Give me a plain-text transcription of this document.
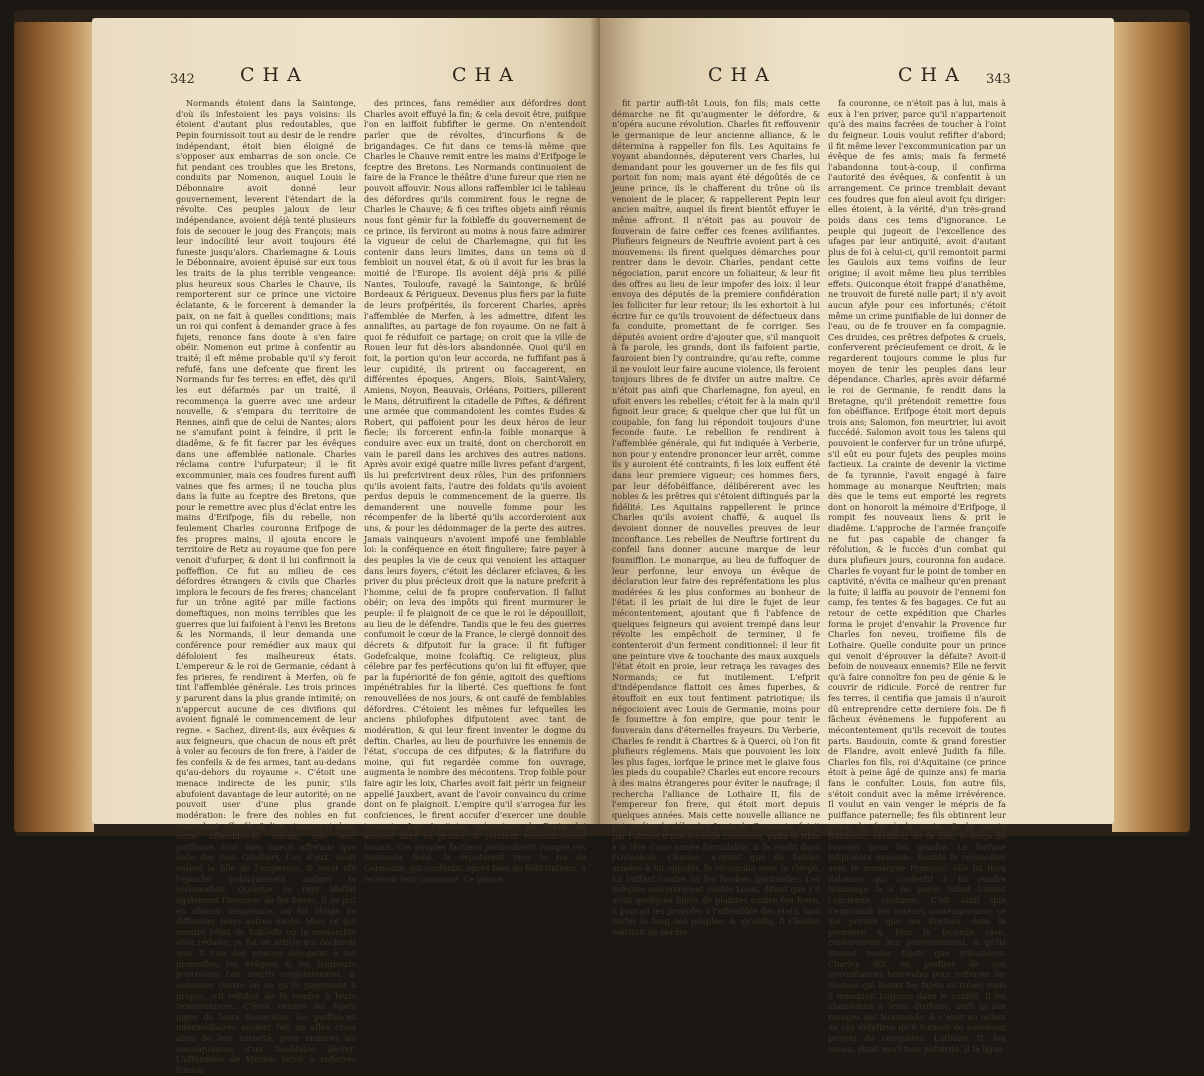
342 CHA	CHA

Normands étoient dans la Saintonge, d'où ils infestoient les pays voisins: ils étoient d'autant plus redoutables, que Pepin fournissoit tout au desir de le rendre indépendant, étoit bien éloigné de s'opposer aux embarras de son oncle. Ce fut pendant ces troubles que les Bretons, conduits par Nomenon, auquel Louis le Débonnaire avoit donné leur gouvernement, leverent l'étendart de la révolte. Ces peuples jaloux de leur indépendance, avoient déjà tenté plusieurs fois de secouer le joug des François; mais leur indocilité leur avoit toujours été funeste jusqu'alors. Charlemagne & Louis le Débonnaire, avoient épuisé sur eux tous les traits de la plus terrible vengeance: plus heureux sous Charles le Chauve, ils remporterent sur ce prince une victoire éclatante, & le forcerent à demander la paix, on ne fait à quelles conditions; mais un roi qui confent à demander grace à fes fujets, renonce fans doute à s'en faire obéir. Nomenon eut prime à confentir au traité; il eft même probable qu'il s'y feroit refufé, fans une defcente que firent les Normands fur fes terres: en effet, dès qu'il les eut défarmés par un traité, il recommença la guerre avec une ardeur nouvelle, & s'empara du territoire de Rennes, ainfi que de celui de Nantes; alors ne s'amufant point à feindre, il prit le diadême, & fe fit facrer par les évêques dans une affemblée nationale. Charles réclama contre l'ufurpateur; il le fit excommunier, mais ces foudres furent auffi vaines que fes armes; il ne toucha plus dans la fuite au fceptre des Bretons, que pour le remettre avec plus d'éclat entre les mains d'Erifpoge, fils du rebelle, non feulement Charles couronna Erifpoge de fes propres mains, il ajouta encore le territoire de Retz au royaume que fon pere venoit d'ufurper, & dont il lui confirmoit la poffeffion. Ce fut au milieu de ces défordres étrangers & civils que Charles implora le fecours de fes freres; chancelant fur un trône agité par mille factions domeftiques, non moins terribles que les guerres que lui faifoient à l'envi les Bretons & les Normands, il leur demanda une conférence pour remédier aux maux qui défoloient fes malheureux états. L'empereur & le roi de Germanie, cédant à fes prieres, fe rendirent à Merfen, où fe tint l'affemblée générale. Les trois princes y parurent dans la plus grande intimité; on n'appercut aucune de ces divifions qui avoient fignalé le commencement de leur regne. « Sachez, dirent-ils, aux évêques & aux feigneurs, que chacun de nous eft prêt à voler au fecours de fon frere, à l'aider de fes confeils & de fes armes, tant au-dedans qu'au-dehors du royaume ». C'étoit une menace indirecte de les punir, s'ils abufoient davantage de leur autorité; on ne pouvoit user d'une plus grande modération: le frere des nobles en fut cependant offenfé; & l'on s'appercut dans cette affemblée-là même, que leur puiffance étoit bien mieux affermie que celle des rois. Gilalbert, l'un d'eux, avoit enlevé la fille de l'empereur, & avoit ofé l'époufer publiquement malgré fa réclamation. Quoique ce rapt bleffât également l'honneur de fes freres, il ne put en obtenir vengeance; on fut obligé de diffimuler leurs autres excès. Mais ce qui montre l'état de foibleffe où la monarchie étoit réduite, ce fut un article qui déclaroit que, fi l'un des princes dérogeoit à fes promeffes, les évêques & les feigneurs pourroient l'en avertir conjointement, & ordonner contre lui ce qu'ils jugeroient à propos, s'il refufoit de fe rendre à leurs remontrances. C'étoit rendre les fujets juges de leurs fouverains: les puiffances intermédiaires avoient fait un affez cruel abus de leur autorité, pour montrer les conséquences d'un femblable décret. L'affemblée de Merfen fervit à refferrer l'union

des princes, fans remédier aux défordres dont Charles avoit effuyé la fin; & cela devoit être, puifque l'on en laiffoit fubfifter le germe. On n'entendoit parler que de révoltes, d'incurfions & de brigandages. Ce fut dans ce tems-là même que Charles le Chauve remit entre les mains d'Erifpoge le fceptre des Bretons. Les Normands continuoient de faire de la France le théâtre d'une fureur que rien ne pouvoit affouvir. Nous allons raffembler ici le tableau des défordres qu'ils commirent fous le regne de Charles le Chauve; & fi ces triftes objets ainfi réunis nous font gémir fur la foibleffe du gouvernement de ce prince, ils ferviront au moins à nous faire admirer la vigueur de celui de Charlemagne, qui fut les contenir dans leurs limites, dans un tems où il fembloit un nouvel état, & où il avoit fur les bras la moitié de l'Europe. Ils avoient déjà pris & pillé Nantes, Touloufe, ravagé la Saintonge, & brûlé Bordeaux & Périgueux. Devenus plus fiers par la fuite de leurs profpérités, ils forcerent Charles, après l'affemblée de Merfen, à les admettre, difent les annaliftes, au partage de fon royaume. On ne fait à quoi fe réduifoit ce partage; on croit que la ville de Rouen leur fut dès-lors abandonnée. Quoi qu'il en foit, la portion qu'on leur accorda, ne fuffifant pas à leur cupidité, ils prirent ou faccagerent, en différentes époques, Angers, Blois, Saint-Valery, Amiens, Noyon, Beauvais, Orléans, Poitiers, pillerent le Mans, détruifirent la citadelle de Piftes, & défirent une armée que commandoient les comtes Eudes & Robert, qui paffoient pour les deux héros de leur fiecle; ils forcerent enfin-la foible monarque à conduire avec eux un traité, dont on cherchoroit en vain le pareil dans les archives des autres nations. Après avoir exigé quatre mille livres pefant d'argent, ils lui prefcrivirent deux rôles, l'un des prifonniers qu'ils avoient faits, l'autre des foldats qu'ils avoient perdus depuis le commencement de la guerre. Ils demanderent une nouvelle fomme pour les récompenfer de la liberté qu'ils accorderoient aux uns, & pour les dédommager de la perte des autres. Jamais vainqueurs n'avoient impofé une femblable loi: la conféquence en étoit finguliere; faire payer à des peuples la vie de ceux qui venoient les attaquer dans leurs foyers, c'étoit les déclarer efclaves, & les priver du plus précieux droit que la nature prefcrit à l'homme, celui de fa propre confervation. Il fallut obéir; on leva des impôts qui firent murmurer le peuple: il fe plaignoit de ce que le roi le dépouilloit, au lieu de le défendre. Tandis que le feu des guerres confumoit le cœur de la France, le clergé donnoit des décrets & difputoit fur la grace: il fit fuftiger Godefcalque, moine fcolaftiq. Ce religieux, plus célebre par fes perfécutions qu'on lui fit effuyer, que par la fupériorité de fon génie, agitoit des queftions impénétrables fur la liberté. Ces queftions fe font renouvellées de nos jours, & ont caufé de femblables défordres. C'étoient les mêmes fur lefquelles les anciens philofophes difputoient avec tant de modération, & qui leur firent inventer le dogme du deftin. Charles, au lieu de pourfuivre les ennemis de l'état, s'occupa de ces difputes; & la flatrifure du moine, qui fut regardée comme fon ouvrage, augmenta le nombre des mécontens. Trop foible pour faire agir les loix, Charles avoit fait périr un feigneur appellé Jauxbert, avant de l'avoir convaincu du crime dont on fe plaignoit. L'empire qu'il s'arrogea fur les confciences, le firent accufer d'exercer une double tyrannie. Les Aquitains mécontens de Pepin, lui avoient livré ce prince, & rétoient volontairement foumis. Ces peuples factieux prétendirent rompre ces nouveaux liens, & députerent vers le roi de Germanie, qui confentit, après bien de follicitations, à recevoir leur couronne. Ce prince

CHA	CHA 343

fit partir auffi-tôt Louis, fon fils; mais cette démarche ne fit qu'augmenter le défordre, & n'opéra aucune révolution. Charles fit reffouvenir le germanique de leur ancienne alliance, & le détermina à rappeller fon fils. Les Aquitains fe voyant abandonnés, députerent vers Charles, lui demandant pour les gouverner un de fes fils qui portoit fon nom; mais ayant été dégoûtés de ce jeune prince, ils le chafferent du trône où ils venoient de le placer, & rappellerent Pepin leur ancien maître, auquel ils firent bientôt effuyer le même affront. Il n'étoit pas au pouvoir de fouverain de faire ceffer ces fcenes avilifiantes. Plufieurs feigneurs de Neuftrie avoient part à ces mouvemens: ils firent quelques démarches pour rentrer dans le devoir. Charles, pendant cette négociation, parut encore un foliaiteur, & leur fit des offres au lieu de leur impofer des loix: il leur envoya des députés de la premiere confidération les folliciter fur leur retour; ils les exhortoit à lui écrire fur ce qu'ils trouvoient de défectueux dans fa conduite, promettant de fe corriger. Ses députés avoient ordre d'ajouter que, s'il manquoit à fa parole, les grands, dont ils faifoient partie, fauroient bien l'y contraindre, qu'au refte, comme il ne vouloit leur faire aucune violence, ils feroient toujours libres de fe divifer un autre maître. Ce n'étoit pas ainfi que Charlemagne, fon ayeul, en ufoit envers les rebelles; c'étoit fer à la main qu'il fignoit leur grace; & quelque cher que lui fût un coupable, fon fang lui répondoit toujours d'une feconde faute. Le rebellion fe rendirent à l'affemblée générale, qui fut indiquée à Verberie, non pour y entendre prononcer leur arrêt, comme ils y auroient été contraints, fi les loix euffent été dans leur premiere vigueur; ces hommes fiers, par leur défobéiffance, délibérerent avec les nobles & les prêtres qui s'étoient diftingués par la fidélité. Les Aquitains rappellerent le prince Charles qu'ils avoient chaffé, & auquel ils devoient donner de nouvelles preuves de leur inconftance. Les rebelles de Neuftrie fortirent du confeil fans donner aucune marque de leur foumiffion. Le monarque, au lieu de fuffoquer de leur perfonne, leur envoya un évêque de déclaration leur faire des repréfentations les plus modérées & les plus conformes au bonheur de l'état: il les priait de lui dire le fujet de leur mécontentement, ajoutant que fi l'abfence de quelques feigneurs qui avoient trempé dans leur révolte les empêchoit de terminer, il fe contenteroit d'un ferment conditionnel: il leur fit une peinture vive & touchante des maux auxquels l'état étoit en proie, leur retraça les ravages des Normands; ce fut inutilement. L'efprit d'indépendance flattoit ces âmes fuperbes, & étouffoit en eux tout fentiment patriotique; ils négocioient avec Louis de Germanie, moins pour fe foumettre à fon empire, que pour tenir le fouverain dans d'éternelles frayeurs. Du Verberie, Charles fe rendit à Chartres & à Querci, où l'on fit plufieurs réglemens. Mais que pouvoient les loix les plus fages, lorfque le prince met le glaive fous les pieds du coupable? Charles eut encore recours à des mains étrangeres pour éviter le naufrage; il rechercha l'alliance de Lothaire II, fils de l'empereur fon frere, qui étoit mort depuis quelques années. Mais cette nouvelle alliance ne put arrêter le déluaden Louis de Germanie, fuivit par l'attrait d'une feconde couronne, paffa le Rhin à la tête d'une armée formidable, & fe rendit dans l'Orléanois. Charles, n'ayant que de foibles armées à lui oppofer, fe réconcilia avec le clergé, lui laiffant contre lui fes foudres fpirituelles. Les évêques murmurerent contre Louis, difant que s'il avoit quelques fujets de plaintes contre fon frere, il pouvoit les propofer à l'affemblée des états, fans verfer le fang des peuples; & qu'enfin, fi Charles méritoit de perdre

fa couronne, ce n'étoit pas à lui, mais à eux à l'en priver, parce qu'il n'appartenoit qu'à des mains facrées de toucher à l'oint du feigneur. Louis voulut refifter d'abord; il fit même lever l'excommunication par un évêque de fes amis; mais fa fermeté l'abandonna tout-à-coup, il confirma l'autorité des évêques, & confentit à un arrangement. Ce prince tremblait devant ces foudres que fon aïeul avoit fçu diriger: elles étoient, à la vérité, d'un très-grand poids dans ces tems d'ignorance. Le peuple qui jugeoit de l'excellence des ufages par leur antiquité, avoit d'autant plus de foi à celui-ci, qu'il remontoit parmi les Gaulois aux tems voifins de leur origine; il avoit même lieu plus terribles effets. Quiconque étoit frappé d'anathême, ne trouvoit de fureté nulle part; il n'y avoit aucun afyle pour ces infortunés; c'étoit même un crime punifiable de lui donner de l'eau, ou de fe trouver en fa compagnie. Ces druides, ces prêtres defpotes & cruels, conferverent précieufement ce droit, & le regarderent toujours comme le plus fur moyen de tenir les peuples dans leur dépendance. Charles, après avoir défarmé le roi de Germanie, fe rendit dans la Bretagne, qu'il prétendoit remettre fous fon obéiffance. Erifpoge étoit mort depuis trois ans; Salomon, fon meurtrier, lui avoit fuccédé. Salomon avoit tous les talens qui pouvoient le conferver fur un trône ufurpé, s'il eût eu pour fujets des peuples moins factieux. La crainte de devenir la victime de fa tyrannie, l'avoit engagé à faire hommage au monarque Neuftrien; mais dès que le tems eut emporté les regrets dont on honoroit la mémoire d'Erifpoge, il rompit fes nouveaux liens & prit le diadême. L'approche de l'armée françoife ne fut pas capable de changer fa réfolution, & le fuccès d'un combat qui dura plufieurs jours, couronna fon audace. Charles fe voyant fur le point de tomber en captivité, n'évita ce malheur qu'en prenant la fuite; il laiffa au pouvoir de l'ennemi fon camp, fes tentes & fes bagages. Ce fut au retour de cette expédition que Charles forma le projet d'envahir la Provence fur Charles fon neveu, troifieme fils de Lothaire. Quelle conduite pour un prince qui venoit d'éprouver la défaite? Avoit-il befoin de nouveaux ennemis? Elle ne fervit qu'à faire connoître fon peu de génie & le couvrir de ridicule. Forcé de rentrer fur fes terres, il centifia que jamais il n'auroit dû entreprendre cette derniere fois. De fi fâcheux événemens le fuppoferent au mécontentement qu'ils recevoit de toutes parts. Baudouin, comte & grand forestier de Flandre, avoit enlevé Judith fa fille. Charles fon fils, roi d'Aquitaine (ce prince étoit à peine âgé de quinze ans) fe maria fans le confulter. Louis, fon autre fils, s'étoit conduit avec la même irrévérence. Il voulut en vain venger le mépris de fa puiffance paternelle; fes fils obtinrent leur grace le fer à la main; & le comte Baudouin, raviffeur de fa fille, le força de l'avouer pour fon gendre. La fortune jufqu'alors ennemie, fembla fe réconcilier avec le monarque François: elle lui livra Salomon qui confentit à lui rendre hommage & à lui payer tribut fuivant l'ancienne coutume. C'eft ainfi que s'exprimoit les auteurs contemporains; ce qui prouve que les Bretons, dans la premiere & fous la feconde race, conferverent leur gouvernement, & qu'ils étoient moins fujets que tributaires. Charles dût en profiter de ces circonftances heureufes pour refferrer les chaînes qui lioient fes fujets au trône; mais il manquoit toujours dans le confeil. Il les abandonna à leurs divifions, ainfi qu'aux ravages des Normands; & c'étoit au milieu de ces défaftres qu'il formoit de nouveaux projets de conquêtes. Lothaire II, fon neveu, étant mort fans poftérité, il fe ligua
